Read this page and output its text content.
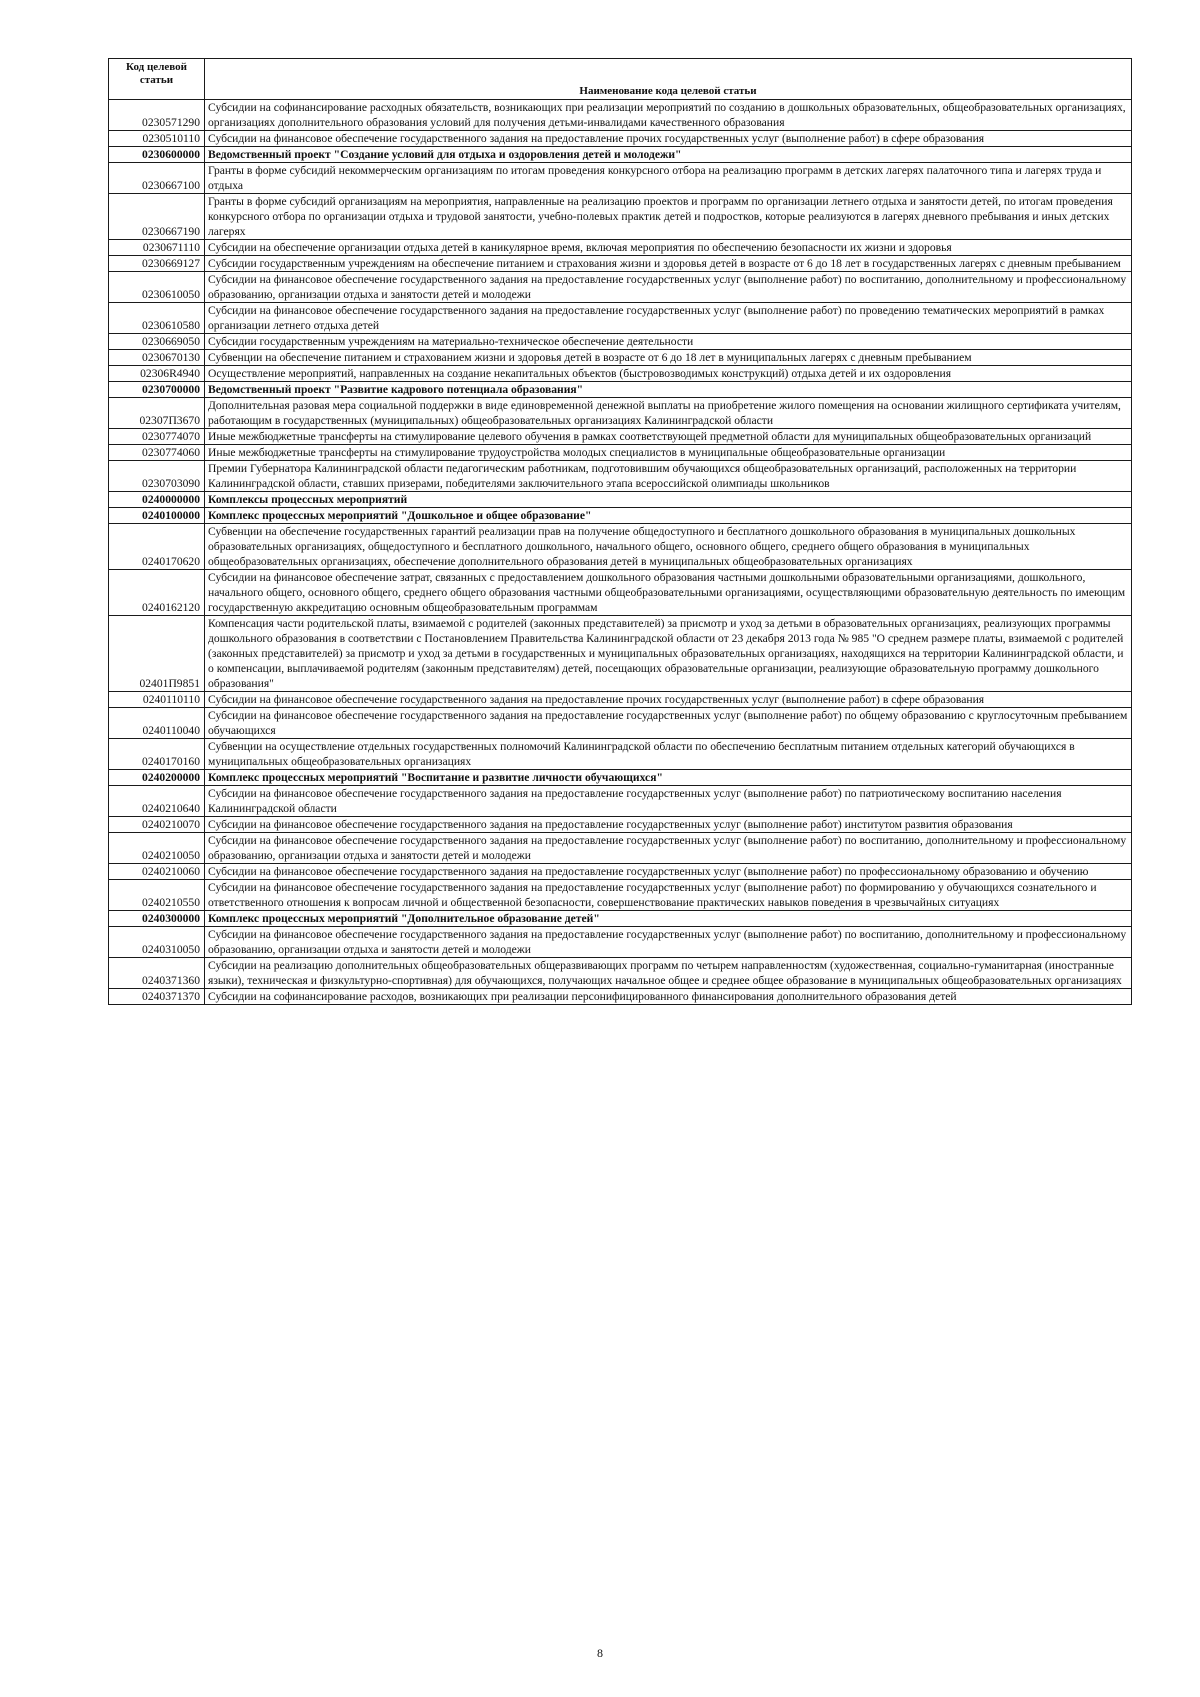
Код целевой статьи	Наименование кода целевой статьи
0230571290	Субсидии на софинансирование расходных обязательств, возникающих при реализации мероприятий по созданию в дошкольных образовательных, общеобразовательных организациях, организациях дополнительного образования условий для получения детьми-инвалидами качественного образования
0230510110	Субсидии на финансовое обеспечение государственного задания на предоставление прочих государственных услуг (выполнение работ) в сфере образования
0230600000	Ведомственный проект "Создание условий для отдыха и оздоровления детей и молодежи"
0230667100	Гранты в форме субсидий некоммерческим организациям по итогам проведения конкурсного отбора на реализацию программ в детских лагерях палаточного типа и лагерях труда и отдыха
0230667190	Гранты в форме субсидий организациям на мероприятия, направленные на реализацию проектов и программ по организации летнего отдыха и занятости детей, по итогам проведения конкурсного отбора по организации отдыха и трудовой занятости, учебно-полевых практик детей и подростков, которые реализуются в лагерях дневного пребывания и иных детских лагерях
0230671110	Субсидии на обеспечение организации отдыха детей в каникулярное время, включая мероприятия по обеспечению безопасности их жизни и здоровья
0230669127	Субсидии государственным учреждениям на обеспечение питанием и страхования жизни и здоровья детей в возрасте от 6 до 18 лет в государственных лагерях с дневным пребыванием
0230610050	Субсидии на финансовое обеспечение государственного задания на предоставление государственных услуг (выполнение работ) по воспитанию, дополнительному и профессиональному образованию, организации отдыха и занятости детей и молодежи
0230610580	Субсидии на финансовое обеспечение государственного задания на предоставление государственных услуг (выполнение работ) по проведению тематических мероприятий в рамках организации летнего отдыха детей
0230669050	Субсидии государственным учреждениям на материально-техническое обеспечение деятельности
0230670130	Субвенции на обеспечение питанием и страхованием жизни и здоровья детей в возрасте от 6 до 18 лет в муниципальных лагерях с дневным пребыванием
02306R4940	Осуществление мероприятий, направленных на создание некапитальных объектов (быстровозводимых конструкций) отдыха детей и их оздоровления
0230700000	Ведомственный проект "Развитие кадрового потенциала образования"
02307П3670	Дополнительная разовая мера социальной поддержки в виде единовременной денежной выплаты на приобретение жилого помещения на основании жилищного сертификата учителям, работающим в государственных (муниципальных) общеобразовательных организациях Калининградской области
0230774070	Иные межбюджетные трансферты на стимулирование целевого обучения в рамках соответствующей предметной области для муниципальных общеобразовательных организаций
0230774060	Иные межбюджетные трансферты на стимулирование трудоустройства молодых специалистов в муниципальные общеобразовательные организации
0230703090	Премии Губернатора Калининградской области педагогическим работникам, подготовившим обучающихся общеобразовательных организаций, расположенных на территории Калининградской области, ставших призерами, победителями заключительного этапа всероссийской олимпиады школьников
0240000000	Комплексы процессных мероприятий
0240100000	Комплекс процессных мероприятий "Дошкольное и общее образование"
0240170620	Субвенции на обеспечение государственных гарантий реализации прав на получение общедоступного и бесплатного дошкольного образования в муниципальных дошкольных образовательных организациях, общедоступного и бесплатного дошкольного, начального общего, основного общего, среднего общего образования в муниципальных общеобразовательных организациях, обеспечение дополнительного образования детей в муниципальных общеобразовательных организациях
0240162120	Субсидии на финансовое обеспечение затрат, связанных с предоставлением дошкольного образования частными дошкольными образовательными организациями, дошкольного, начального общего, основного общего, среднего общего образования частными общеобразовательными организациями, осуществляющими образовательную деятельность по имеющим государственную аккредитацию основным общеобразовательным программам
02401П9851	Компенсация части родительской платы, взимаемой с родителей (законных представителей) за присмотр и уход за детьми в образовательных организациях, реализующих программы дошкольного образования в соответствии с Постановлением Правительства Калининградской области от 23 декабря 2013 года № 985 "О среднем размере платы, взимаемой с родителей (законных представителей) за присмотр и уход за детьми в государственных и муниципальных образовательных организациях, находящихся на территории Калининградской области, и о компенсации, выплачиваемой родителям (законным представителям) детей, посещающих образовательные организации, реализующие образовательную программу дошкольного образования"
0240110110	Субсидии на финансовое обеспечение государственного задания на предоставление прочих государственных услуг (выполнение работ) в сфере образования
0240110040	Субсидии на финансовое обеспечение государственного задания на предоставление государственных услуг (выполнение работ) по общему образованию с круглосуточным пребыванием обучающихся
0240170160	Субвенции на осуществление отдельных государственных полномочий Калининградской области по обеспечению бесплатным питанием отдельных категорий обучающихся в муниципальных общеобразовательных организациях
0240200000	Комплекс процессных мероприятий "Воспитание и развитие личности обучающихся"
0240210640	Субсидии на финансовое обеспечение государственного задания на предоставление государственных услуг (выполнение работ) по патриотическому воспитанию населения Калининградской области
0240210070	Субсидии на финансовое обеспечение государственного задания на предоставление государственных услуг (выполнение работ) институтом развития образования
0240210050	Субсидии на финансовое обеспечение государственного задания на предоставление государственных услуг (выполнение работ) по воспитанию, дополнительному и профессиональному образованию, организации отдыха и занятости детей и молодежи
0240210060	Субсидии на финансовое обеспечение государственного задания на предоставление государственных услуг (выполнение работ) по профессиональному образованию и обучению
0240210550	Субсидии на финансовое обеспечение государственного задания на предоставление государственных услуг (выполнение работ) по формированию у обучающихся сознательного и ответственного отношения к вопросам личной и общественной безопасности, совершенствование практических навыков поведения в чрезвычайных ситуациях
0240300000	Комплекс процессных мероприятий "Дополнительное образование детей"
0240310050	Субсидии на финансовое обеспечение государственного задания на предоставление государственных услуг (выполнение работ) по воспитанию, дополнительному и профессиональному образованию, организации отдыха и занятости детей и молодежи
0240371360	Субсидии на реализацию дополнительных общеобразовательных общеразвивающих программ по четырем направленностям (художественная, социально-гуманитарная (иностранные языки), техническая и физкультурно-спортивная) для обучающихся, получающих начальное общее и среднее общее образование в муниципальных общеобразовательных организациях
0240371370	Субсидии на софинансирование расходов, возникающих при реализации персонифицированного финансирования дополнительного образования детей
8
